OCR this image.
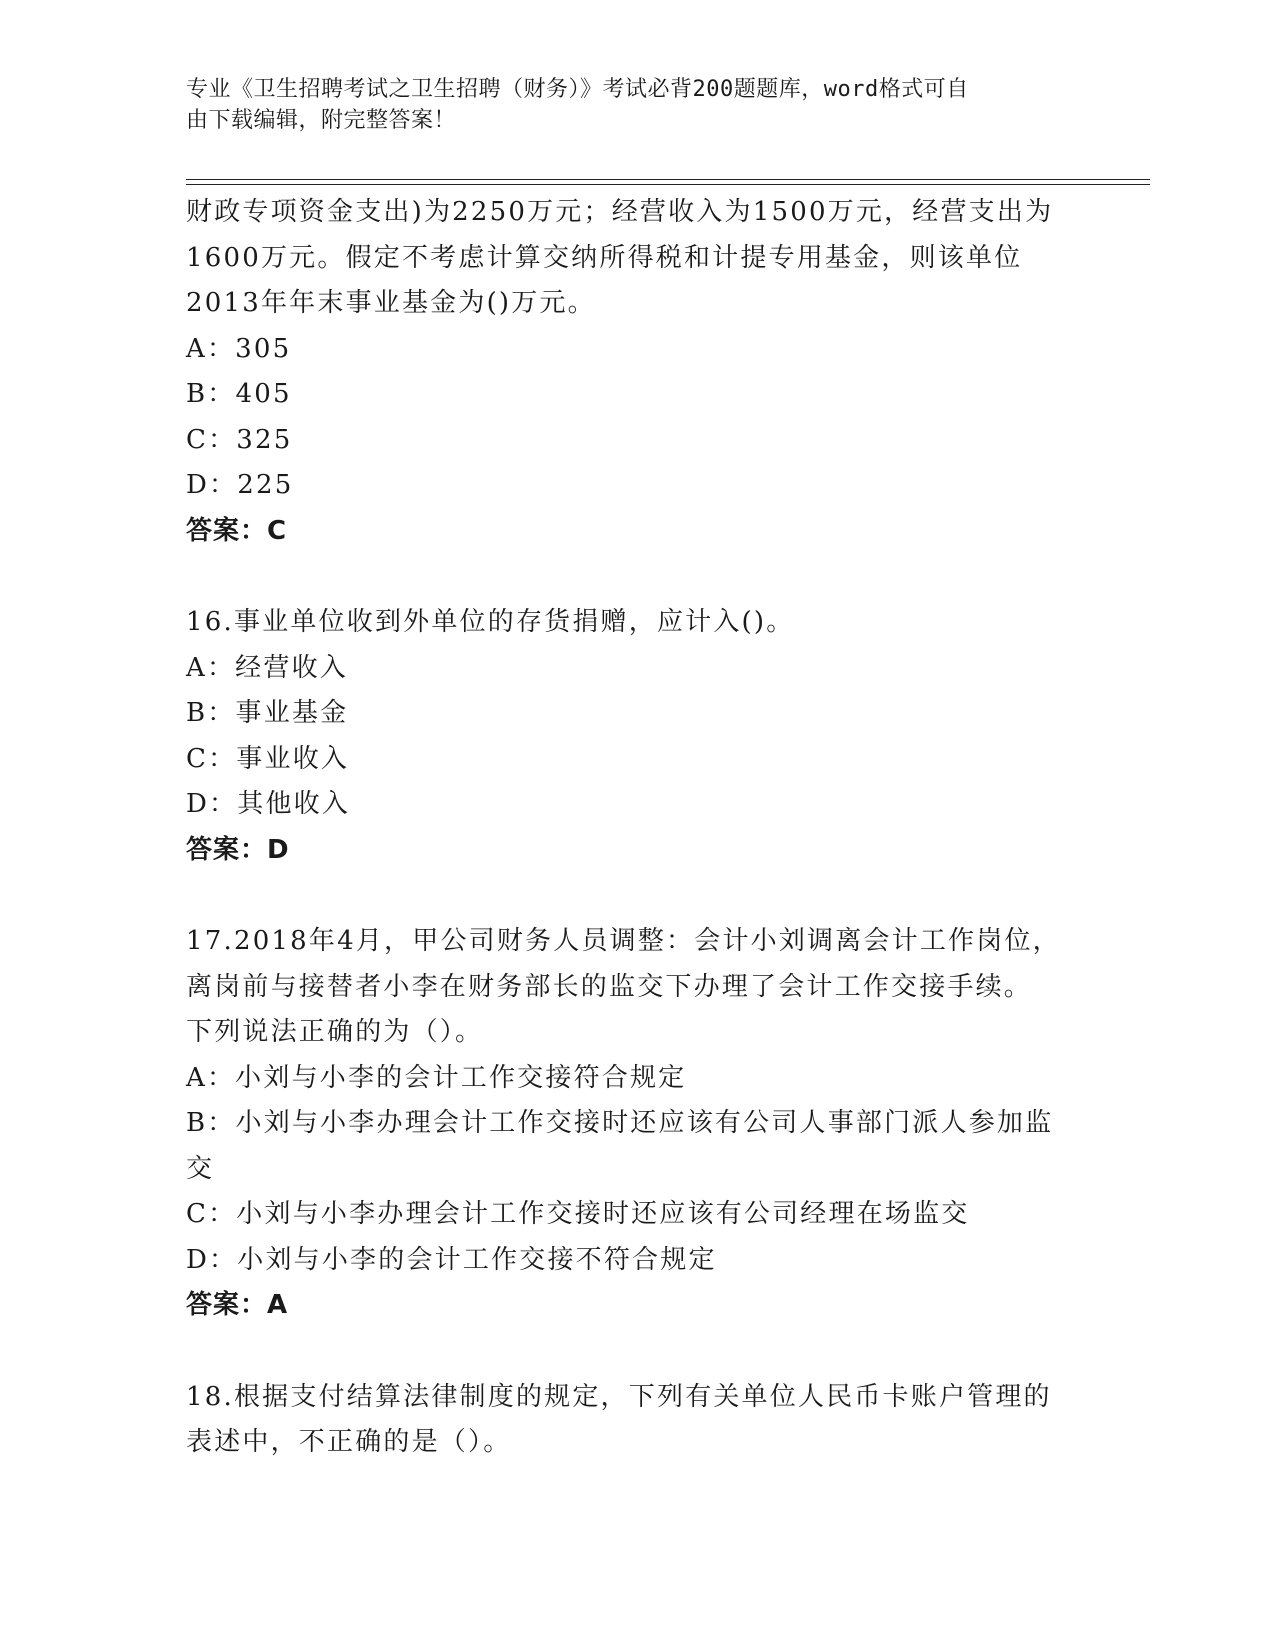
专业《卫生招聘考试之卫生招聘（财务）》考试必背200题题库，word格式可自
由下载编辑，附完整答案！
财政专项资金支出)为2250万元；经营收入为1500万元，经营支出为
1600万元。假定不考虑计算交纳所得税和计提专用基金，则该单位
2013年年末事业基金为()万元。
A：305
B：405
C：325
D：225
答案：C
16.事业单位收到外单位的存货捐赠，应计入()。
A：经营收入
B：事业基金
C：事业收入
D：其他收入
答案：D
17.2018年4月，甲公司财务人员调整：会计小刘调离会计工作岗位，
离岗前与接替者小李在财务部长的监交下办理了会计工作交接手续。
下列说法正确的为（）。
A：小刘与小李的会计工作交接符合规定
B：小刘与小李办理会计工作交接时还应该有公司人事部门派人参加监
交
C：小刘与小李办理会计工作交接时还应该有公司经理在场监交
D：小刘与小李的会计工作交接不符合规定
答案：A
18.根据支付结算法律制度的规定，下列有关单位人民币卡账户管理的
表述中，不正确的是（）。
